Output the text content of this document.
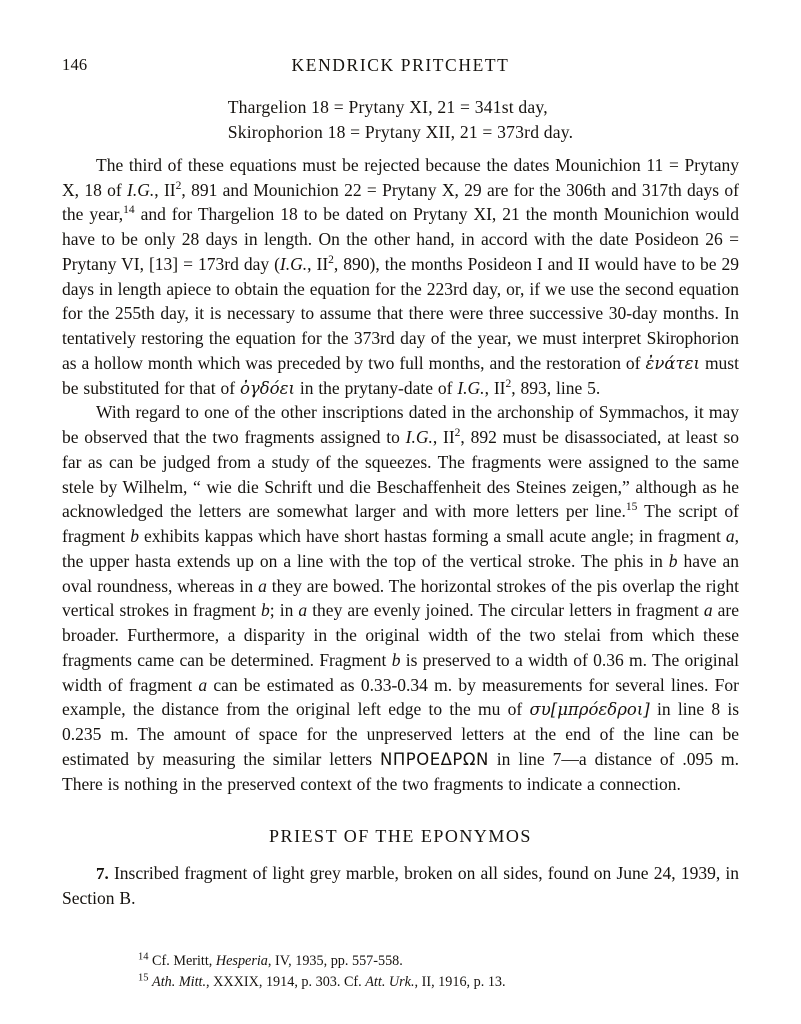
146	KENDRICK PRITCHETT
Thargelion 18 = Prytany XI, 21 = 341st day,
Skirophorion 18 = Prytany XII, 21 = 373rd day.

The third of these equations must be rejected because the dates Mounichion 11 = Prytany X, 18 of I.G., $II^2$, 891 and Mounichion 22 = Prytany X, 29 are for the 306th and 317th days of the year,$^{14}$ and for Thargelion 18 to be dated on Prytany XI, 21 the month Mounichion would have to be only 28 days in length. On the other hand, in accord with the date Posideon 26 = Prytany VI, [13] = 173rd day (I.G., $II^2$, 890), the months Posideon I and II would have to be 29 days in length apiece to obtain the equation for the 223rd day, or, if we use the second equation for the 255th day, it is necessary to assume that there were three successive 30-day months. In tentatively restoring the equation for the 373rd day of the year, we must interpret Skirophorion as a hollow month which was preceded by two full months, and the restoration of ἐνάτει must be substituted for that of ὀγδόει in the prytany-date of I.G., $II^2$, 893, line 5.

With regard to one of the other inscriptions dated in the archonship of Symmachos, it may be observed that the two fragments assigned to I.G., $II^2$, 892 must be disassociated, at least so far as can be judged from a study of the squeezes. The fragments were assigned to the same stele by Wilhelm, “ wie die Schrift und die Beschaffenheit des Steines zeigen,” although as he acknowledged the letters are somewhat larger and with more letters per line.$^{15}$ The script of fragment b exhibits kappas which have short hastas forming a small acute angle; in fragment a, the upper hasta extends up on a line with the top of the vertical stroke. The phis in b have an oval roundness, whereas in a they are bowed. The horizontal strokes of the pis overlap the right vertical strokes in fragment b; in a they are evenly joined. The circular letters in fragment a are broader. Furthermore, a disparity in the original width of the two stelai from which these fragments came can be determined. Fragment b is preserved to a width of 0.36 m. The original width of fragment a can be estimated as 0.33-0.34 m. by measurements for several lines. For example, the distance from the original left edge to the mu of συ[μπρόεδροι] in line 8 is 0.235 m. The amount of space for the unpreserved letters at the end of the line can be estimated by measuring the similar letters ΝΠΡΟΕΔΡΩΝ in line 7—a distance of .095 m. There is nothing in the preserved context of the two fragments to indicate a connection.

PRIEST OF THE EPONYMOS

7. Inscribed fragment of light grey marble, broken on all sides, found on June 24, 1939, in Section B.

$^{14}$ Cf. Meritt, Hesperia, IV, 1935, pp. 557-558.
$^{15}$ Ath. Mitt., XXXIX, 1914, p. 303. Cf. Att. Urk., II, 1916, p. 13.
